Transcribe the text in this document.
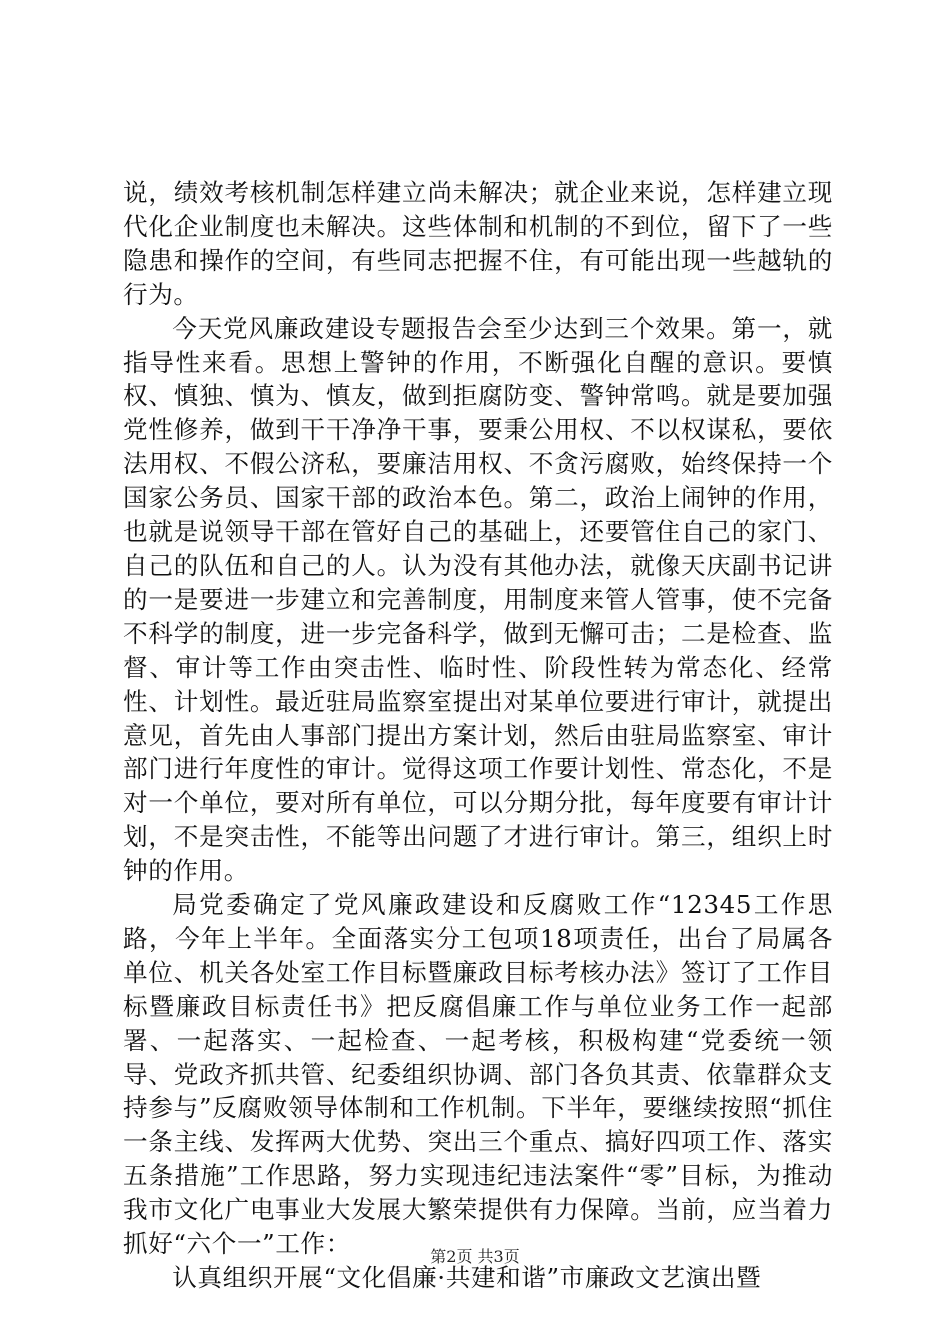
说，绩效考核机制怎样建立尚未解决；就企业来说，怎样建立现代化企业制度也未解决。这些体制和机制的不到位，留下了一些隐患和操作的空间，有些同志把握不住，有可能出现一些越轨的行为。

今天党风廉政建设专题报告会至少达到三个效果。第一，就指导性来看。思想上警钟的作用，不断强化自醒的意识。要慎权、慎独、慎为、慎友，做到拒腐防变、警钟常鸣。就是要加强党性修养，做到干干净净干事，要秉公用权、不以权谋私，要依法用权、不假公济私，要廉洁用权、不贪污腐败，始终保持一个国家公务员、国家干部的政治本色。第二，政治上闹钟的作用，也就是说领导干部在管好自己的基础上，还要管住自己的家门、自己的队伍和自己的人。认为没有其他办法，就像天庆副书记讲的一是要进一步建立和完善制度，用制度来管人管事，使不完备不科学的制度，进一步完备科学，做到无懈可击；二是检查、监督、审计等工作由突击性、临时性、阶段性转为常态化、经常性、计划性。最近驻局监察室提出对某单位要进行审计，就提出意见，首先由人事部门提出方案计划，然后由驻局监察室、审计部门进行年度性的审计。觉得这项工作要计划性、常态化，不是对一个单位，要对所有单位，可以分期分批，每年度要有审计计划，不是突击性，不能等出问题了才进行审计。第三，组织上时钟的作用。

局党委确定了党风廉政建设和反腐败工作“12345工作思路，今年上半年。全面落实分工包项18项责任，出台了局属各单位、机关各处室工作目标暨廉政目标考核办法》签订了工作目标暨廉政目标责任书》把反腐倡廉工作与单位业务工作一起部署、一起落实、一起检查、一起考核，积极构建“党委统一领导、党政齐抓共管、纪委组织协调、部门各负其责、依靠群众支持参与”反腐败领导体制和工作机制。下半年，要继续按照“抓住一条主线、发挥两大优势、突出三个重点、搞好四项工作、落实五条措施”工作思路，努力实现违纪违法案件“零”目标，为推动我市文化广电事业大发展大繁荣提供有力保障。当前，应当着力抓好“六个一”工作：

认真组织开展“文化倡廉·共建和谐”市廉政文艺演出暨

第2页 共3页
